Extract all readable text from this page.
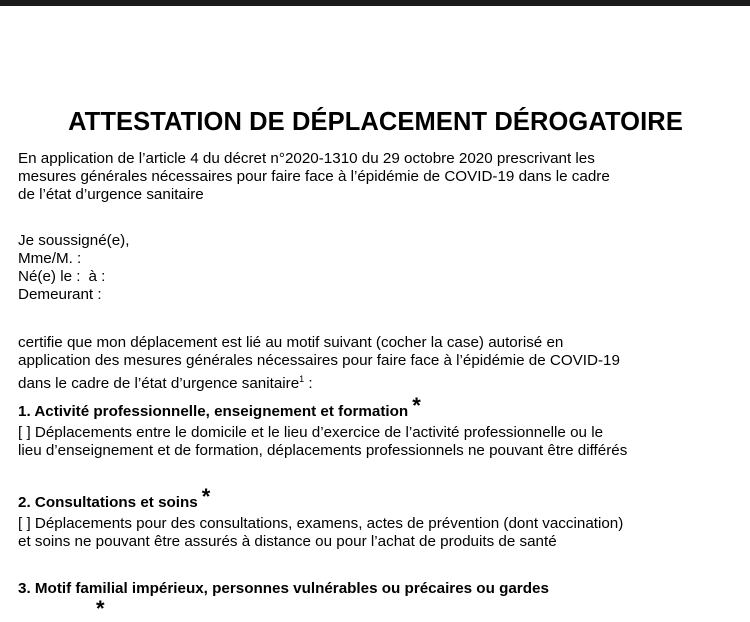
ATTESTATION DE DÉPLACEMENT DÉROGATOIRE
En application de l’article 4 du décret n°2020-1310 du 29 octobre 2020 prescrivant les
mesures générales nécessaires pour faire face à l’épidémie de COVID-19 dans le cadre
de l’état d’urgence sanitaire
Je soussigné(e),
Mme/M. :
Né(e) le : à :
Demeurant :
certifie que mon déplacement est lié au motif suivant (cocher la case) autorisé en
application des mesures générales nécessaires pour faire face à l’épidémie de COVID-19
dans le cadre de l’état d’urgence sanitaire$^1$ :
1. Activité professionnelle, enseignement et formation *
[ ] Déplacements entre le domicile et le lieu d’exercice de l’activité professionnelle ou le
lieu d’enseignement et de formation, déplacements professionnels ne pouvant être différés
2. Consultations et soins *
[ ] Déplacements pour des consultations, examens, actes de prévention (dont vaccination)
et soins ne pouvant être assurés à distance ou pour l’achat de produits de santé
3. Motif familial impérieux, personnes vulnérables ou précaires ou gardes
*
